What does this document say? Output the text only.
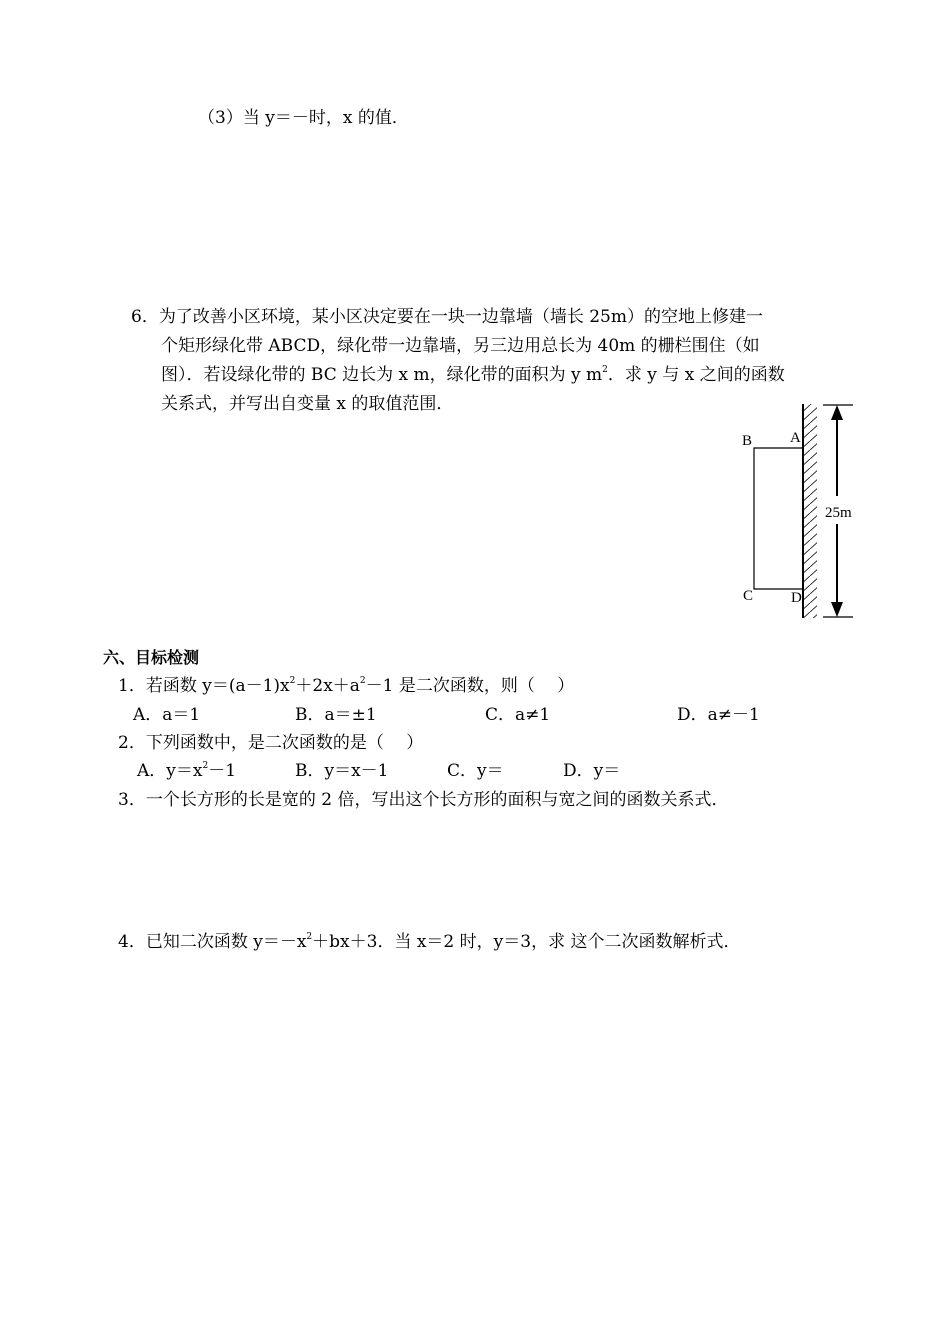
（3）当 y＝－时，x 的值．
6．为了改善小区环境，某小区决定要在一块一边靠墙（墙长 25m）的空地上修建一
个矩形绿化带 ABCD，绿化带一边靠墙，另三边用总长为 40m 的栅栏围住（如
图）．若设绿化带的 BC 边长为 x m，绿化带的面积为 y $m^2$．求 y 与 x 之间的函数
关系式，并写出自变量 x 的取值范围．
A
B
C	D
25m
六、目标检测
1．若函数 $y=(a-1)x^2+2x+a^2-1$ 是二次函数，则（　 ）
A．a＝1	B．a＝±1	C．a≠1	D．a≠－1
2．下列函数中，是二次函数的是（　 ）
A．$y=x^2-1$	B．y＝x－1	C．y＝	D．y＝
3．一个长方形的长是宽的 2 倍，写出这个长方形的面积与宽之间的函数关系式．
4．已知二次函数 $y=-x^2+bx+3$．当 x＝2 时，y＝3，求 这个二次函数解析式．
